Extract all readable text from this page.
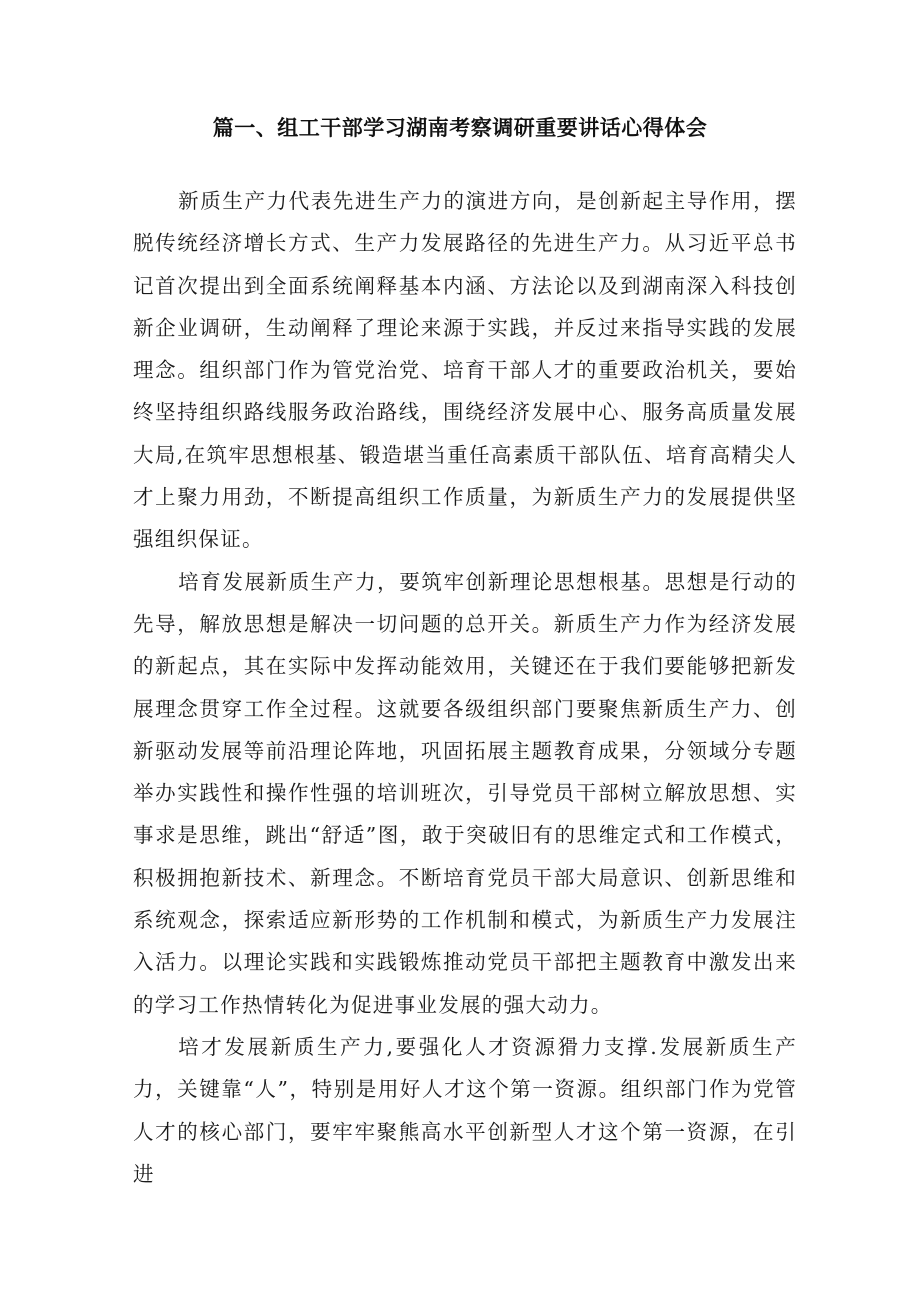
篇一、组工干部学习湖南考察调研重要讲话心得体会

新质生产力代表先进生产力的演进方向，是创新起主导作用，摆脱传统经济增长方式、生产力发展路径的先进生产力。从习近平总书记首次提出到全面系统阐释基本内涵、方法论以及到湖南深入科技创新企业调研，生动阐释了理论来源于实践，并反过来指导实践的发展理念。组织部门作为管党治党、培育干部人才的重要政治机关，要始终坚持组织路线服务政治路线，围绕经济发展中心、服务高质量发展大局,在筑牢思想根基、锻造堪当重任高素质干部队伍、培育高精尖人才上聚力用劲，不断提高组织工作质量，为新质生产力的发展提供坚强组织保证。

培育发展新质生产力，要筑牢创新理论思想根基。思想是行动的先导，解放思想是解决一切问题的总开关。新质生产力作为经济发展的新起点，其在实际中发挥动能效用，关键还在于我们要能够把新发展理念贯穿工作全过程。这就要各级组织部门要聚焦新质生产力、创新驱动发展等前沿理论阵地，巩固拓展主题教育成果，分领域分专题举办实践性和操作性强的培训班次，引导党员干部树立解放思想、实事求是思维，跳出“舒适”图，敢于突破旧有的思维定式和工作模式，积极拥抱新技术、新理念。不断培育党员干部大局意识、创新思维和系统观念，探索适应新形势的工作机制和模式，为新质生产力发展注入活力。以理论实践和实践锻炼推动党员干部把主题教育中激发出来的学习工作热情转化为促进事业发展的强大动力。

培才发展新质生产力,要强化人才资源猾力支撑.发展新质生产力，关键靠“人”，特别是用好人才这个第一资源。组织部门作为党管人才的核心部门，要牢牢聚熊高水平创新型人才这个第一资源，在引进
